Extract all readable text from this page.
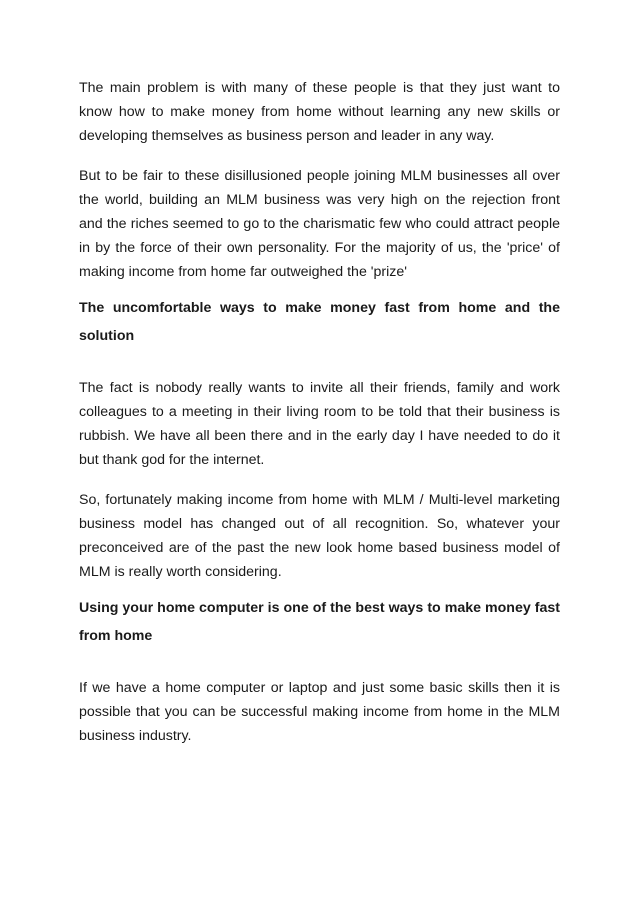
The main problem is with many of these people is that they just want to know how to make money from home without learning any new skills or developing themselves as business person and leader in any way.

But to be fair to these disillusioned people joining MLM businesses all over the world, building an MLM business was very high on the rejection front and the riches seemed to go to the charismatic few who could attract people in by the force of their own personality. For the majority of us, the 'price' of making income from home far outweighed the 'prize'

The uncomfortable ways to make money fast from home and the solution

The fact is nobody really wants to invite all their friends, family and work colleagues to a meeting in their living room to be told that their business is rubbish. We have all been there and in the early day I have needed to do it but thank god for the internet.

So, fortunately making income from home with MLM / Multi-level marketing business model has changed out of all recognition. So, whatever your preconceived are of the past the new look home based business model of MLM is really worth considering.

Using your home computer is one of the best ways to make money fast from home

If we have a home computer or laptop and just some basic skills then it is possible that you can be successful making income from home in the MLM business industry.
